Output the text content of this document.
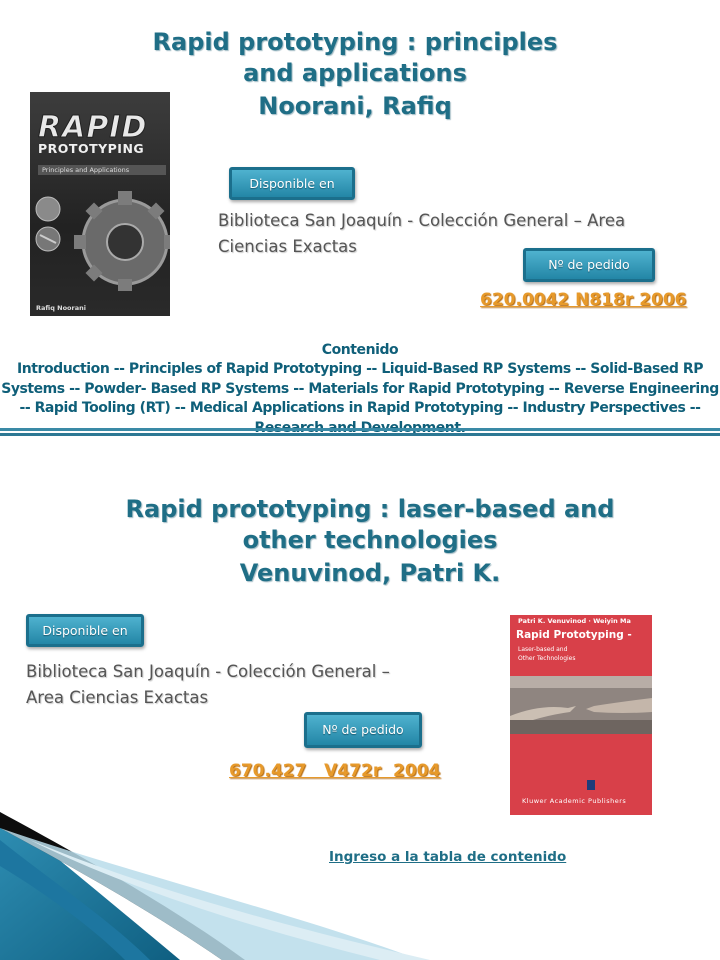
Rapid prototyping : principles and applications
Noorani, Rafiq
RAPID
PROTOTYPING
Principles and Applications
Rafiq Noorani
Disponible en
Biblioteca San Joaquín - Colección General – Area Ciencias Exactas
Nº de pedido
620.0042 N818r 2006
Contenido
Introduction -- Principles of Rapid Prototyping -- Liquid-Based RP Systems -- Solid-Based RP Systems -- Powder- Based RP Systems -- Materials for Rapid Prototyping -- Reverse Engineering -- Rapid Tooling (RT) -- Medical Applications in Rapid Prototyping -- Industry Perspectives --
Rapid prototyping : laser-based and other technologies
Venuvinod, Patri K.
Disponible en
Biblioteca San Joaquín - Colección General – Area Ciencias Exactas
Nº de pedido
670.427   V472r  2004
Patri K. Venuvinod · Weiyin Ma
Rapid Prototyping -
Laser-based and
Other Technologies
Kluwer Academic Publishers
Ingreso a la tabla de contenido
